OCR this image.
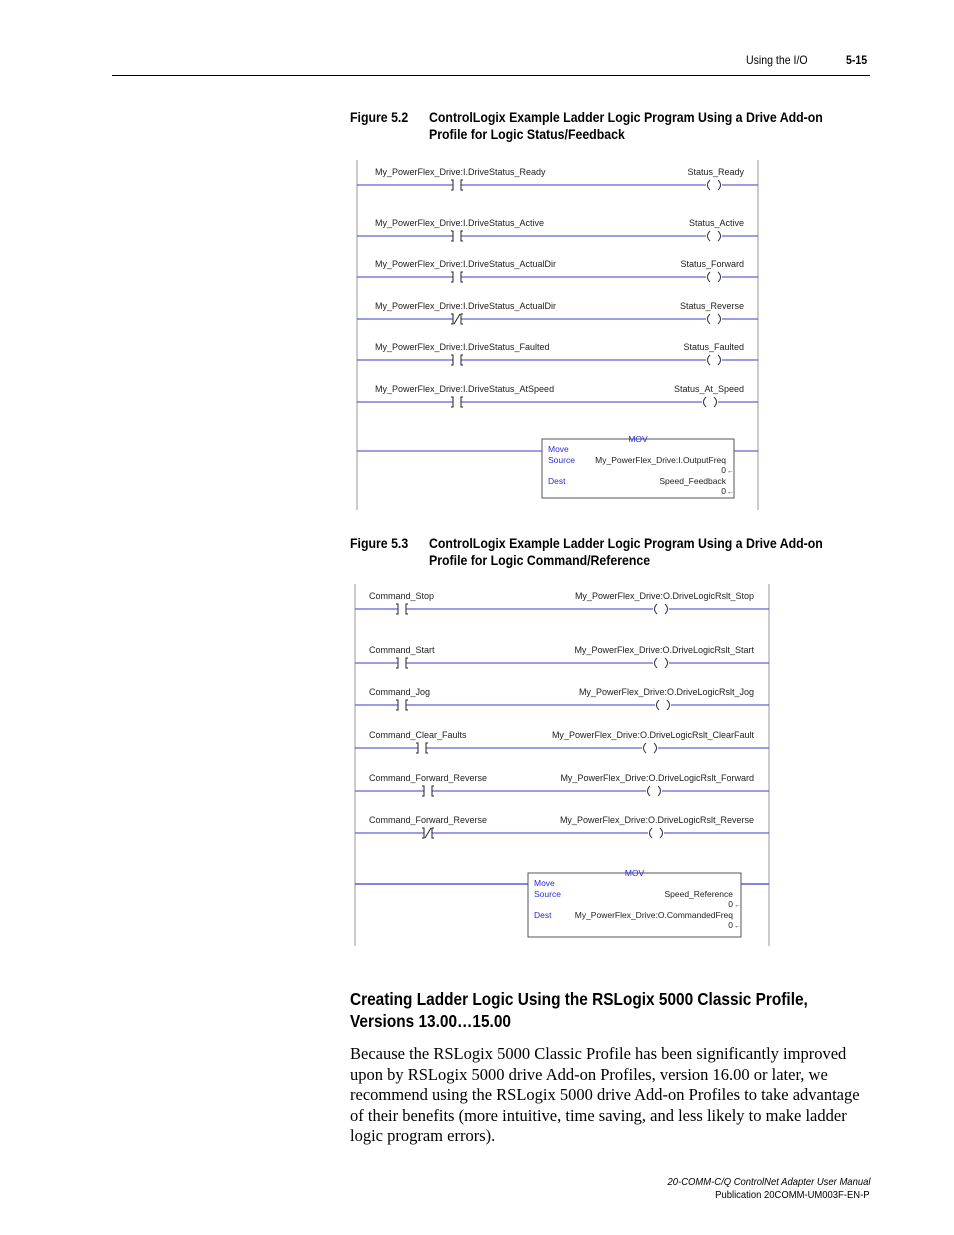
Using the I/O	5-15
Figure 5.2 ControlLogix Example Ladder Logic Program Using a Drive Add-on Profile for Logic Status/Feedback
My_PowerFlex_Drive:I.DriveStatus_Ready	Status_Ready
My_PowerFlex_Drive:I.DriveStatus_Active	Status_Active
My_PowerFlex_Drive:I.DriveStatus_ActualDir	Status_Forward
My_PowerFlex_Drive:I.DriveStatus_ActualDir	Status_Reverse
My_PowerFlex_Drive:I.DriveStatus_Faulted	Status_Faulted
My_PowerFlex_Drive:I.DriveStatus_AtSpeed	Status_At_Speed
MOV
Move
Source My_PowerFlex_Drive:I.OutputFreq
0 ←
Dest	Speed_Feedback
0 ←
Figure 5.3 ControlLogix Example Ladder Logic Program Using a Drive Add-on Profile for Logic Command/Reference
Command_Stop	My_PowerFlex_Drive:O.DriveLogicRslt_Stop
Command_Start	My_PowerFlex_Drive:O.DriveLogicRslt_Start
Command_Jog	My_PowerFlex_Drive:O.DriveLogicRslt_Jog
Command_Clear_Faults	My_PowerFlex_Drive:O.DriveLogicRslt_ClearFault
Command_Forward_Reverse	My_PowerFlex_Drive:O.DriveLogicRslt_Forward
Command_Forward_Reverse	My_PowerFlex_Drive:O.DriveLogicRslt_Reverse
MOV
Move
Source	Speed_Reference
0 ←
Dest	My_PowerFlex_Drive:O.CommandedFreq
0 ←
Creating Ladder Logic Using the RSLogix 5000 Classic Profile, Versions 13.00…15.00
Because the RSLogix 5000 Classic Profile has been significantly improved upon by RSLogix 5000 drive Add-on Profiles, version 16.00 or later, we recommend using the RSLogix 5000 drive Add-on Profiles to take advantage of their benefits (more intuitive, time saving, and less likely to make ladder logic program errors).
20-COMM-C/Q ControlNet Adapter User Manual
Publication 20COMM-UM003F-EN-P
